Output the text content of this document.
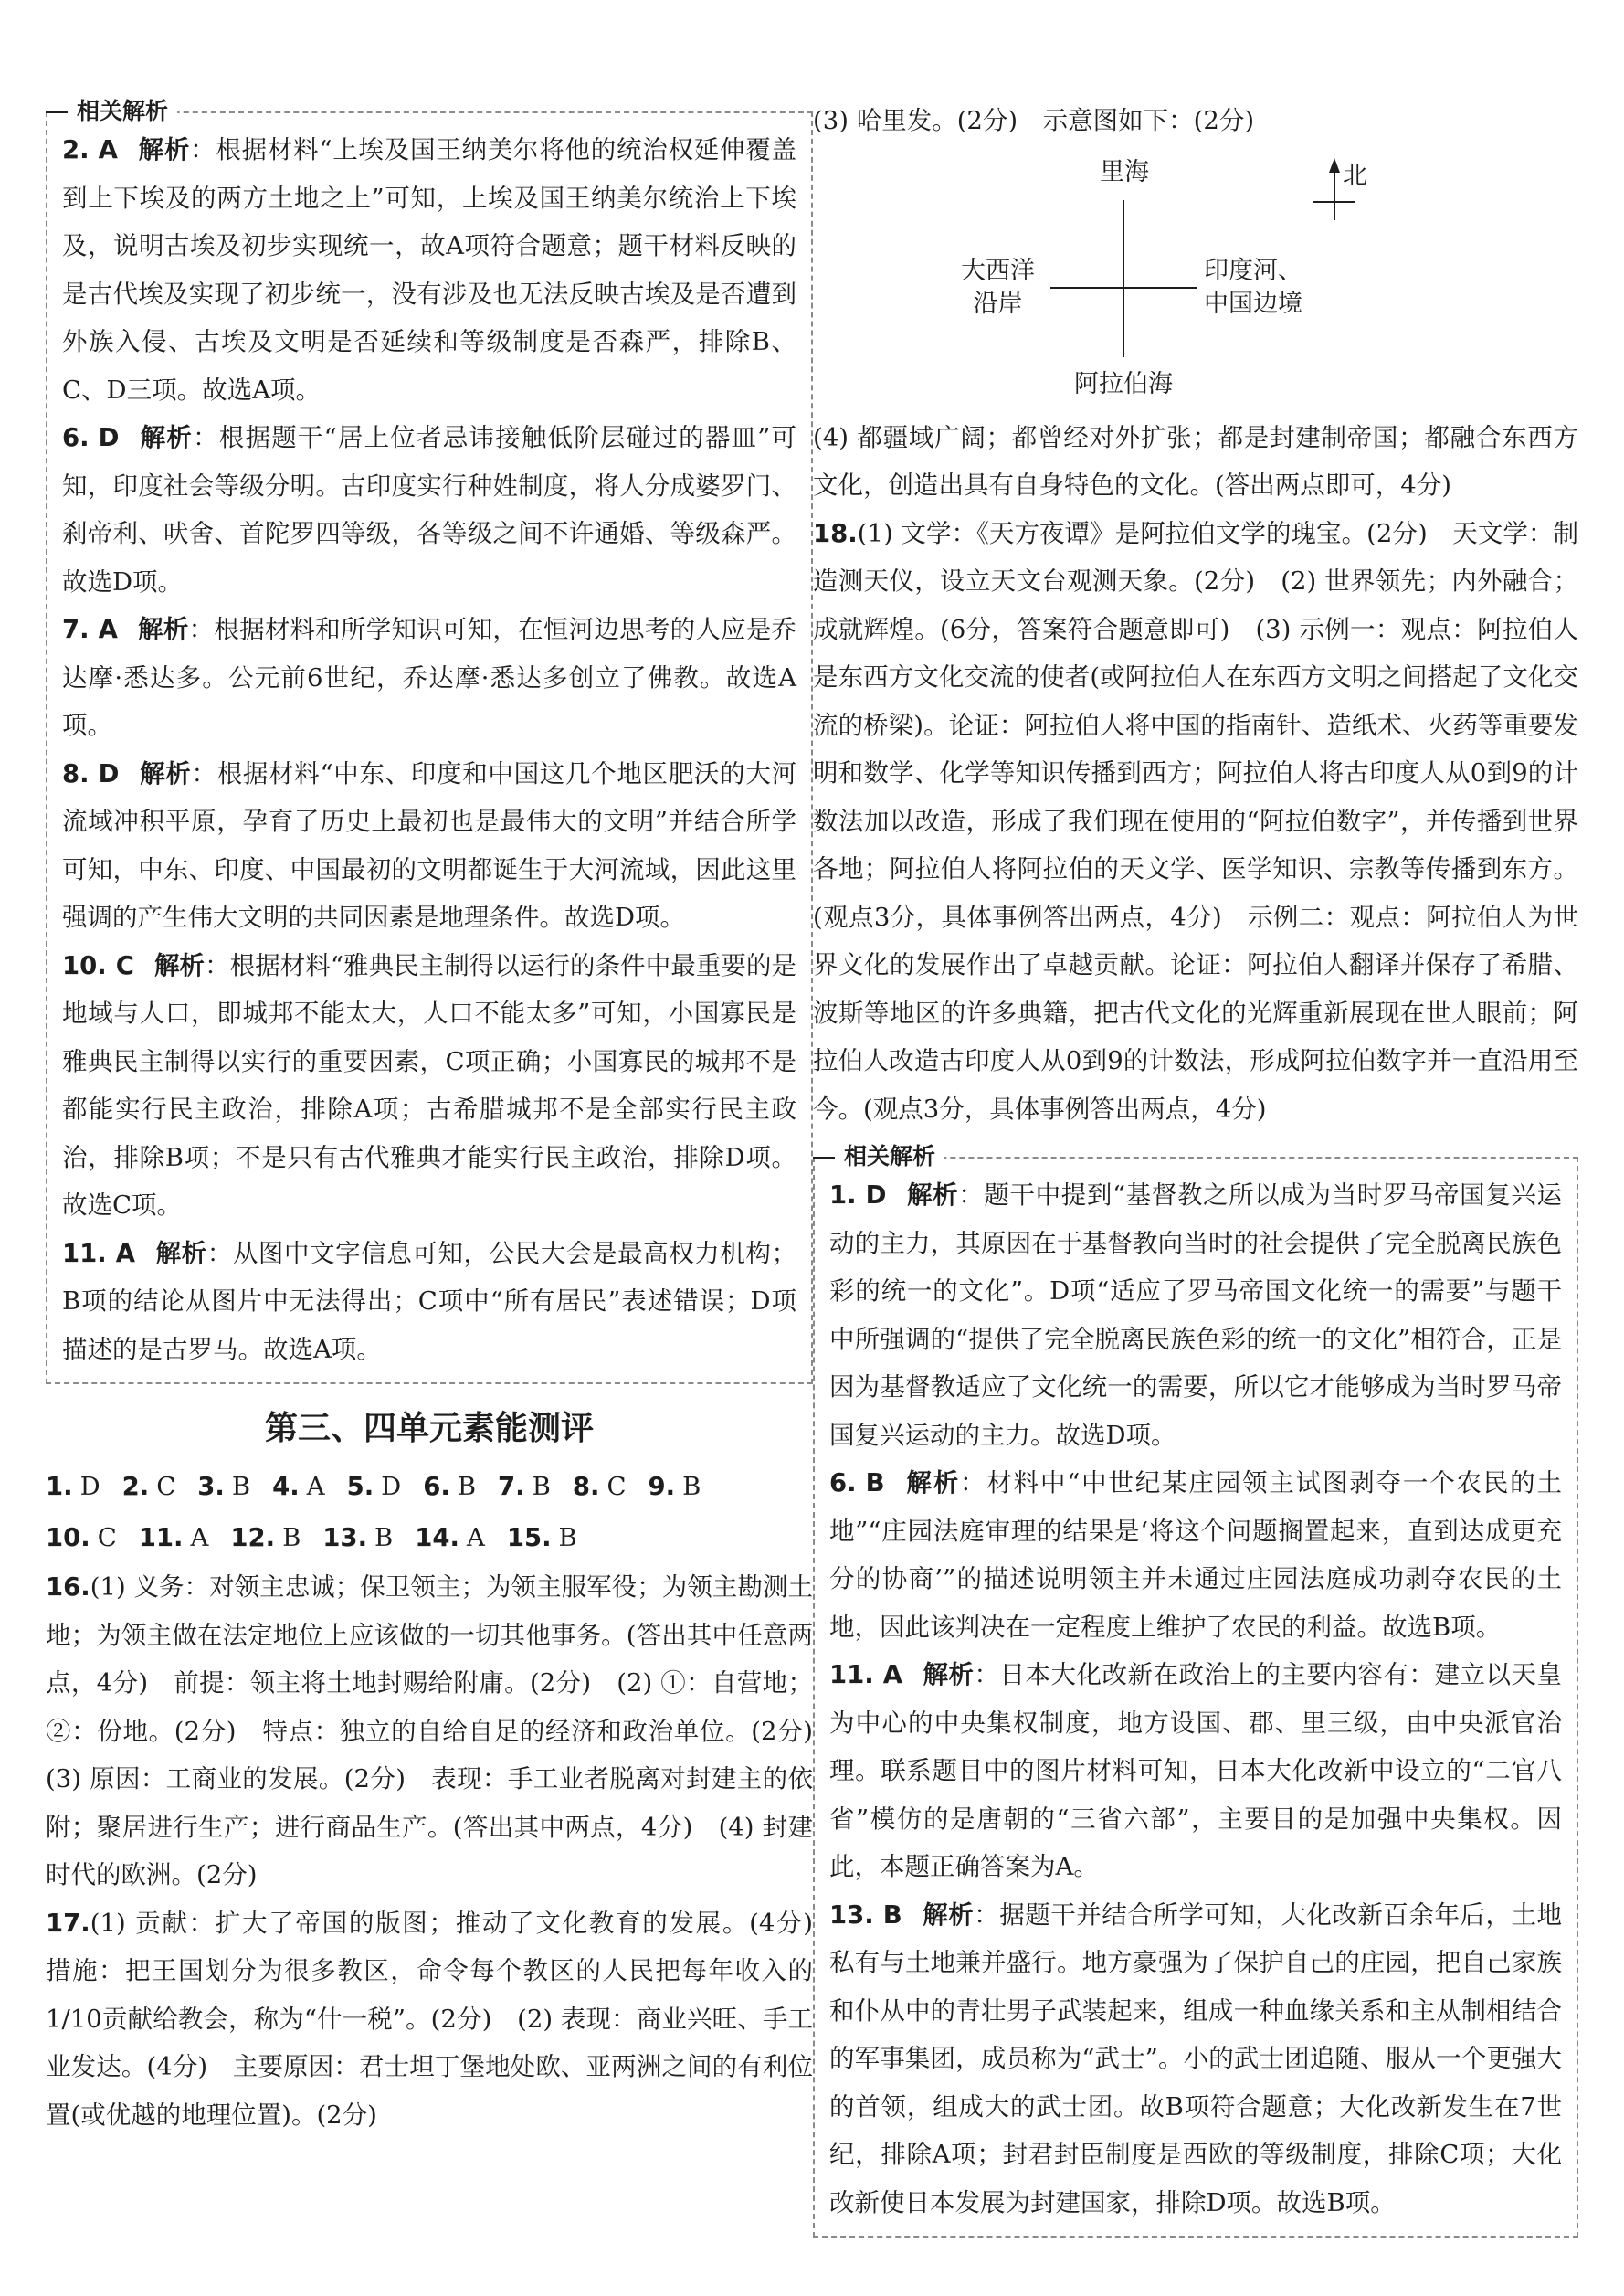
相关解析

2. A 解析：根据材料“上埃及国王纳美尔将他的统治权延伸覆盖到上下埃及的两方土地之上”可知，上埃及国王纳美尔统治上下埃及，说明古埃及初步实现统一，故A项符合题意；题干材料反映的是古代埃及实现了初步统一，没有涉及也无法反映古埃及是否遭到外族入侵、古埃及文明是否延续和等级制度是否森严，排除B、C、D三项。故选A项。

6. D 解析：根据题干“居上位者忌讳接触低阶层碰过的器皿”可知，印度社会等级分明。古印度实行种姓制度，将人分成婆罗门、刹帝利、吠舍、首陀罗四等级，各等级之间不许通婚、等级森严。故选D项。

7. A 解析：根据材料和所学知识可知，在恒河边思考的人应是乔达摩·悉达多。公元前6世纪，乔达摩·悉达多创立了佛教。故选A项。

8. D 解析：根据材料“中东、印度和中国这几个地区肥沃的大河流域冲积平原，孕育了历史上最初也是最伟大的文明”并结合所学可知，中东、印度、中国最初的文明都诞生于大河流域，因此这里强调的产生伟大文明的共同因素是地理条件。故选D项。

10. C 解析：根据材料“雅典民主制得以运行的条件中最重要的是地域与人口，即城邦不能太大，人口不能太多”可知，小国寡民是雅典民主制得以实行的重要因素，C项正确；小国寡民的城邦不是都能实行民主政治，排除A项；古希腊城邦不是全部实行民主政治，排除B项；不是只有古代雅典才能实行民主政治，排除D项。故选C项。

11. A 解析：从图中文字信息可知，公民大会是最高权力机构；B项的结论从图片中无法得出；C项中“所有居民”表述错误；D项描述的是古罗马。故选A项。

第三、四单元素能测评
1. D 2. C 3. B 4. A 5. D 6. B 7. B 8. C 9. B
10. C 11. A 12. B 13. B 14. A 15. B

16.(1) 义务：对领主忠诚；保卫领主；为领主服军役；为领主勘测土地；为领主做在法定地位上应该做的一切其他事务。(答出其中任意两点，4分)　前提：领主将土地封赐给附庸。(2分)　(2) ①：自营地；②：份地。(2分)　特点：独立的自给自足的经济和政治单位。(2分)　(3) 原因：工商业的发展。(2分)　表现：手工业者脱离对封建主的依附；聚居进行生产；进行商品生产。(答出其中两点，4分)　(4) 封建时代的欧洲。(2分)

17.(1) 贡献：扩大了帝国的版图；推动了文化教育的发展。(4分)　措施：把王国划分为很多教区，命令每个教区的人民把每年收入的1/10贡献给教会，称为“什一税”。(2分)　(2) 表现：商业兴旺、手工业发达。(4分)　主要原因：君士坦丁堡地处欧、亚两洲之间的有利位置(或优越的地理位置)。(2分)

(3) 哈里发。(2分)　示意图如下：(2分)

北
里海
大西洋
沿岸
印度河、
中国边境
阿拉伯海

(4) 都疆域广阔；都曾经对外扩张；都是封建制帝国；都融合东西方文化，创造出具有自身特色的文化。(答出两点即可，4分)

18.(1) 文学：《天方夜谭》是阿拉伯文学的瑰宝。(2分)　天文学：制造测天仪，设立天文台观测天象。(2分)　(2) 世界领先；内外融合；成就辉煌。(6分，答案符合题意即可)　(3) 示例一：观点：阿拉伯人是东西方文化交流的使者(或阿拉伯人在东西方文明之间搭起了文化交流的桥梁)。论证：阿拉伯人将中国的指南针、造纸术、火药等重要发明和数学、化学等知识传播到西方；阿拉伯人将古印度人从0到9的计数法加以改造，形成了我们现在使用的“阿拉伯数字”，并传播到世界各地；阿拉伯人将阿拉伯的天文学、医学知识、宗教等传播到东方。(观点3分，具体事例答出两点，4分)　示例二：观点：阿拉伯人为世界文化的发展作出了卓越贡献。论证：阿拉伯人翻译并保存了希腊、波斯等地区的许多典籍，把古代文化的光辉重新展现在世人眼前；阿拉伯人改造古印度人从0到9的计数法，形成阿拉伯数字并一直沿用至今。(观点3分，具体事例答出两点，4分)

相关解析

1. D 解析：题干中提到“基督教之所以成为当时罗马帝国复兴运动的主力，其原因在于基督教向当时的社会提供了完全脱离民族色彩的统一的文化”。D项“适应了罗马帝国文化统一的需要”与题干中所强调的“提供了完全脱离民族色彩的统一的文化”相符合，正是因为基督教适应了文化统一的需要，所以它才能够成为当时罗马帝国复兴运动的主力。故选D项。

6. B 解析：材料中“中世纪某庄园领主试图剥夺一个农民的土地”“庄园法庭审理的结果是‘将这个问题搁置起来，直到达成更充分的协商’”的描述说明领主并未通过庄园法庭成功剥夺农民的土地，因此该判决在一定程度上维护了农民的利益。故选B项。

11. A 解析：日本大化改新在政治上的主要内容有：建立以天皇为中心的中央集权制度，地方设国、郡、里三级，由中央派官治理。联系题目中的图片材料可知，日本大化改新中设立的“二官八省”模仿的是唐朝的“三省六部”，主要目的是加强中央集权。因此，本题正确答案为A。

13. B 解析：据题干并结合所学可知，大化改新百余年后，土地私有与土地兼并盛行。地方豪强为了保护自己的庄园，把自己家族和仆从中的青壮男子武装起来，组成一种血缘关系和主从制相结合的军事集团，成员称为“武士”。小的武士团追随、服从一个更强大的首领，组成大的武士团。故B项符合题意；大化改新发生在7世纪，排除A项；封君封臣制度是西欧的等级制度，排除C项；大化改新使日本发展为封建国家，排除D项。故选B项。
